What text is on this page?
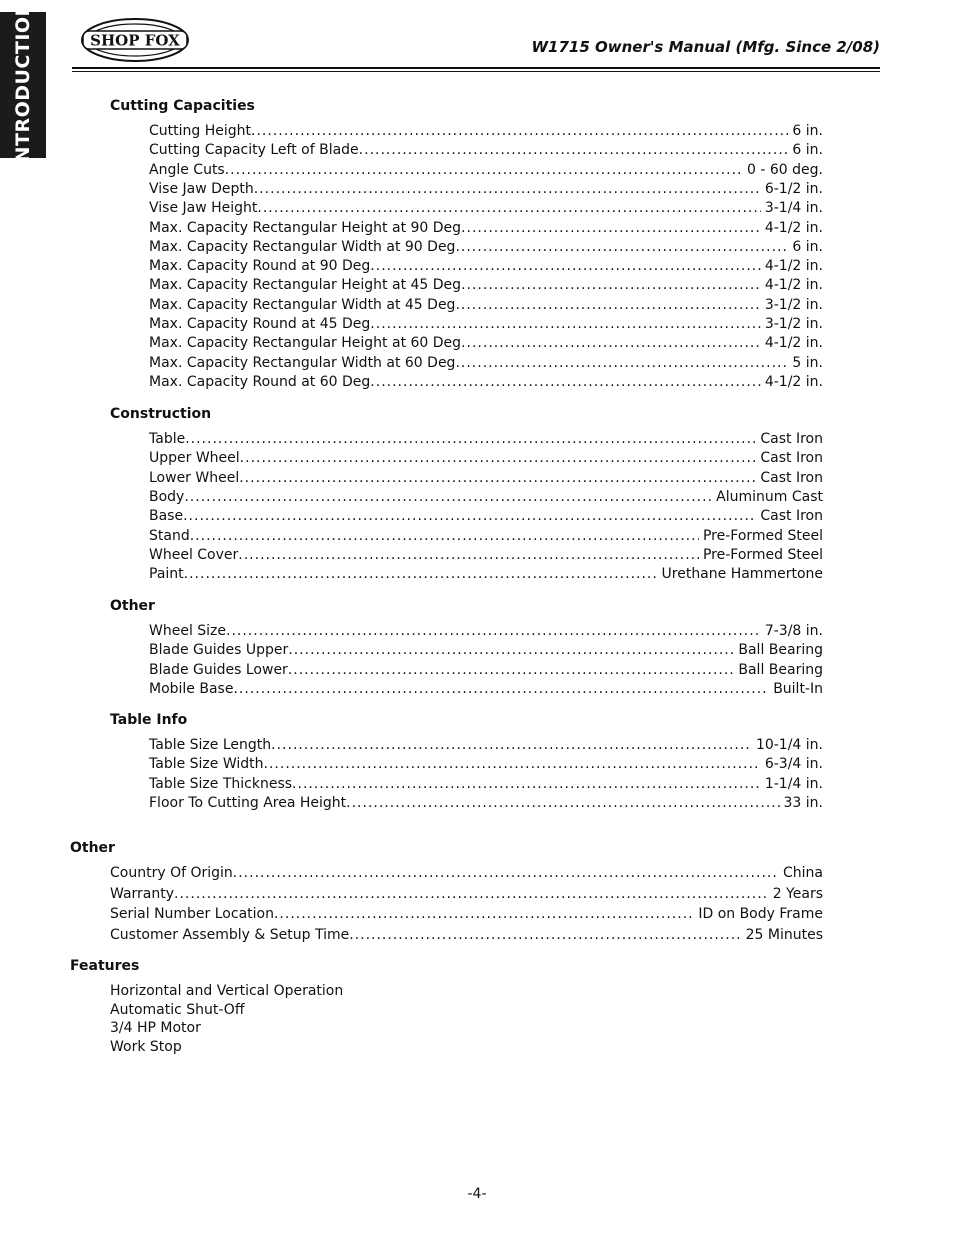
INTRODUCTION	SHOP FOX	W1715 Owner's Manual (Mfg. Since 2/08)
Cutting Capacities
Cutting Height .....	6 in.
Cutting Capacity Left of Blade .....	6 in.
Angle Cuts .....	0 - 60 deg.
Vise Jaw Depth .....	6-1/2 in.
Vise Jaw Height .....	3-1/4 in.
Max. Capacity Rectangular Height at 90 Deg .....	4-1/2 in.
Max. Capacity Rectangular Width at 90 Deg .....	6 in.
Max. Capacity Round at 90 Deg .....	4-1/2 in.
Max. Capacity Rectangular Height at 45 Deg .....	4-1/2 in.
Max. Capacity Rectangular Width at 45 Deg .....	3-1/2 in.
Max. Capacity Round at 45 Deg .....	3-1/2 in.
Max. Capacity Rectangular Height at 60 Deg .....	4-1/2 in.
Max. Capacity Rectangular Width at 60 Deg .....	5 in.
Max. Capacity Round at 60 Deg .....	4-1/2 in.
Construction
Table .....	Cast Iron
Upper Wheel .....	Cast Iron
Lower Wheel .....	Cast Iron
Body .....	Aluminum Cast
Base .....	Cast Iron
Stand .....	Pre-Formed Steel
Wheel Cover .....	Pre-Formed Steel
Paint .....	Urethane Hammertone
Other
Wheel Size .....	7-3/8 in.
Blade Guides Upper .....	Ball Bearing
Blade Guides Lower .....	Ball Bearing
Mobile Base .....	Built-In
Table Info
Table Size Length .....	10-1/4 in.
Table Size Width .....	6-3/4 in.
Table Size Thickness .....	1-1/4 in.
Floor To Cutting Area Height .....	33 in.
Other
Country Of Origin .....	China
Warranty .....	2 Years
Serial Number Location .....	ID on Body Frame
Customer Assembly & Setup Time .....	25 Minutes
Features
Horizontal and Vertical Operation
Automatic Shut-Off
3/4 HP Motor
Work Stop
-4-
